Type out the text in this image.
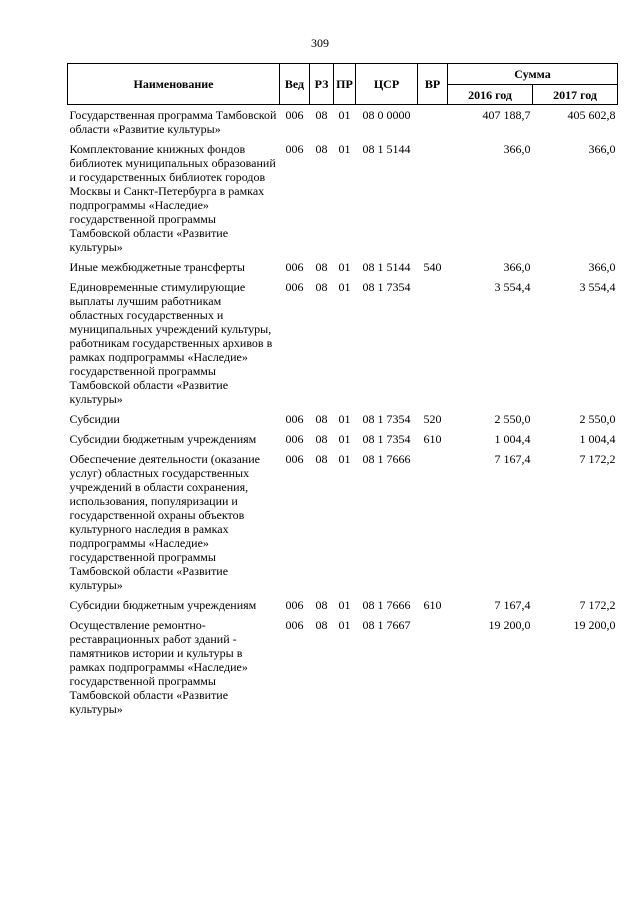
309
Наименование	Вед	РЗ	ПР	ЦСР	ВР	Сумма	
						2016 год	2017 год
Государственная программа Тамбовской области «Развитие культуры»	006	08	01	08 0 0000		407 188,7	405 602,8
Комплектование книжных фондов библиотек муниципальных образований и государственных библиотек городов Москвы и Санкт-Петербурга в рамках подпрограммы «Наследие» государственной программы Тамбовской области «Развитие культуры»	006	08	01	08 1 5144		366,0	366,0
Иные межбюджетные трансферты	006	08	01	08 1 5144	540	366,0	366,0
Единовременные стимулирующие выплаты лучшим работникам областных государственных и муниципальных учреждений культуры, работникам государственных архивов в рамках подпрограммы «Наследие» государственной программы Тамбовской области «Развитие культуры»	006	08	01	08 1 7354		3 554,4	3 554,4
Субсидии	006	08	01	08 1 7354	520	2 550,0	2 550,0
Субсидии бюджетным учреждениям	006	08	01	08 1 7354	610	1 004,4	1 004,4
Обеспечение деятельности (оказание услуг) областных государственных учреждений в области сохранения, использования, популяризации и государственной охраны объектов культурного наследия в рамках подпрограммы «Наследие» государственной программы Тамбовской области «Развитие культуры»	006	08	01	08 1 7666		7 167,4	7 172,2
Субсидии бюджетным учреждениям	006	08	01	08 1 7666	610	7 167,4	7 172,2
Осуществление ремонтно-реставрационных работ зданий - памятников истории и культуры в рамках подпрограммы «Наследие» государственной программы Тамбовской области «Развитие культуры»	006	08	01	08 1 7667		19 200,0	19 200,0
